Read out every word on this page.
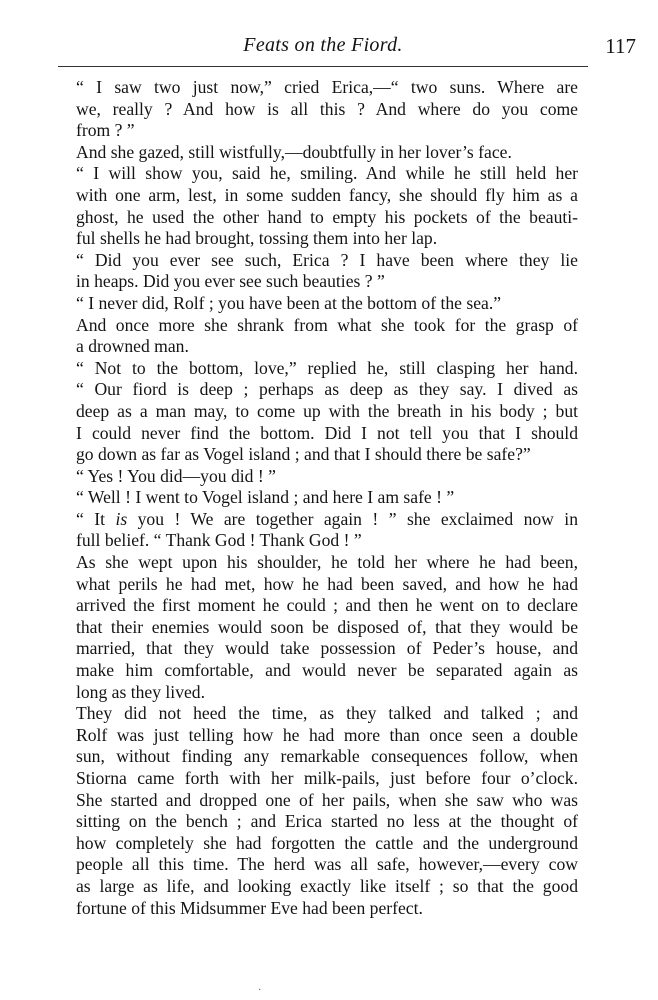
Feats on the Fiord.	117

“ I saw two just now,” cried Erica,—“ two suns. Where are
we, really ? And how is all this ? And where do you come
from ? ”

And she gazed, still wistfully,—doubtfully in her lover’s face.

“ I will show you, said he, smiling. And while he still held her
with one arm, lest, in some sudden fancy, she should fly him as a
ghost, he used the other hand to empty his pockets of the beauti-
ful shells he had brought, tossing them into her lap.

“ Did you ever see such, Erica ? I have been where they lie
in heaps. Did you ever see such beauties ? ”

“ I never did, Rolf ; you have been at the bottom of the sea.”

And once more she shrank from what she took for the grasp of
a drowned man.

“ Not to the bottom, love,” replied he, still clasping her hand.
“ Our fiord is deep ; perhaps as deep as they say. I dived as
deep as a man may, to come up with the breath in his body ; but
I could never find the bottom. Did I not tell you that I should
go down as far as Vogel island ; and that I should there be safe?”

“ Yes ! You did—you did ! ”

“ Well ! I went to Vogel island ; and here I am safe ! ”

“ It is you ! We are together again ! ” she exclaimed now in
full belief. “ Thank God ! Thank God ! ”

As she wept upon his shoulder, he told her where he had been,
what perils he had met, how he had been saved, and how he had
arrived the first moment he could ; and then he went on to declare
that their enemies would soon be disposed of, that they would be
married, that they would take possession of Peder’s house, and
make him comfortable, and would never be separated again as
long as they lived.

They did not heed the time, as they talked and talked ; and
Rolf was just telling how he had more than once seen a double
sun, without finding any remarkable consequences follow, when
Stiorna came forth with her milk-pails, just before four o’clock.
She started and dropped one of her pails, when she saw who was
sitting on the bench ; and Erica started no less at the thought of
how completely she had forgotten the cattle and the underground
people all this time. The herd was all safe, however,—every cow
as large as life, and looking exactly like itself ; so that the good
fortune of this Midsummer Eve had been perfect.

·
